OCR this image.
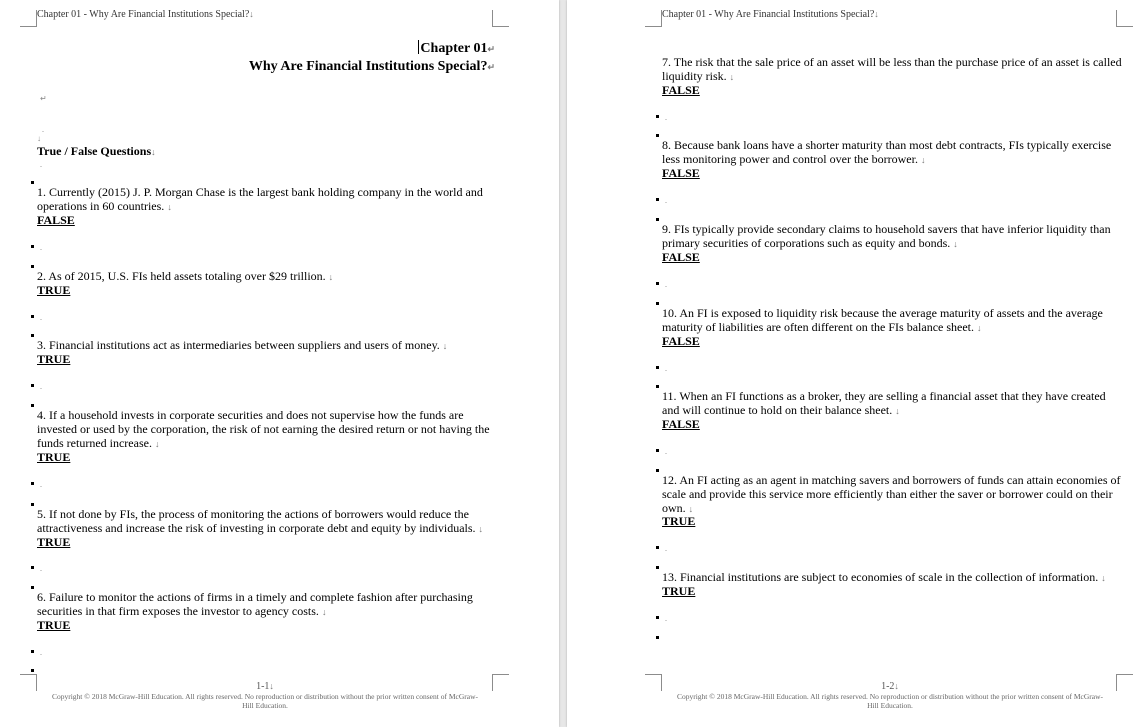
Chapter 01 - Why Are Financial Institutions Special?↓
Chapter 01↵
Why Are Financial Institutions Special?↵
↵
.
↓
True / False Questions↓
.
1. Currently (2015) J. P. Morgan Chase is the largest bank holding company in the world and operations in 60 countries. ↓
FALSE
.
2. As of 2015, U.S. FIs held assets totaling over $29 trillion. ↓
TRUE
.
3. Financial institutions act as intermediaries between suppliers and users of money. ↓
TRUE
.
4. If a household invests in corporate securities and does not supervise how the funds are invested or used by the corporation, the risk of not earning the desired return or not having the funds returned increase. ↓
TRUE
.
5. If not done by FIs, the process of monitoring the actions of borrowers would reduce the attractiveness and increase the risk of investing in corporate debt and equity by individuals. ↓
TRUE
.
6. Failure to monitor the actions of firms in a timely and complete fashion after purchasing securities in that firm exposes the investor to agency costs. ↓
TRUE
.
1-1↓
Copyright © 2018 McGraw-Hill Education. All rights reserved. No reproduction or distribution without the prior written consent of McGraw-Hill Education.
Chapter 01 - Why Are Financial Institutions Special?↓
7. The risk that the sale price of an asset will be less than the purchase price of an asset is called liquidity risk. ↓
FALSE
.
8. Because bank loans have a shorter maturity than most debt contracts, FIs typically exercise less monitoring power and control over the borrower. ↓
FALSE
.
9. FIs typically provide secondary claims to household savers that have inferior liquidity than primary securities of corporations such as equity and bonds. ↓
FALSE
.
10. An FI is exposed to liquidity risk because the average maturity of assets and the average maturity of liabilities are often different on the FIs balance sheet. ↓
FALSE
.
11. When an FI functions as a broker, they are selling a financial asset that they have created and will continue to hold on their balance sheet. ↓
FALSE
.
12. An FI acting as an agent in matching savers and borrowers of funds can attain economies of scale and provide this service more efficiently than either the saver or borrower could on their own. ↓
TRUE
.
13. Financial institutions are subject to economies of scale in the collection of information. ↓
TRUE
.
1-2↓
Copyright © 2018 McGraw-Hill Education. All rights reserved. No reproduction or distribution without the prior written consent of McGraw-Hill Education.
